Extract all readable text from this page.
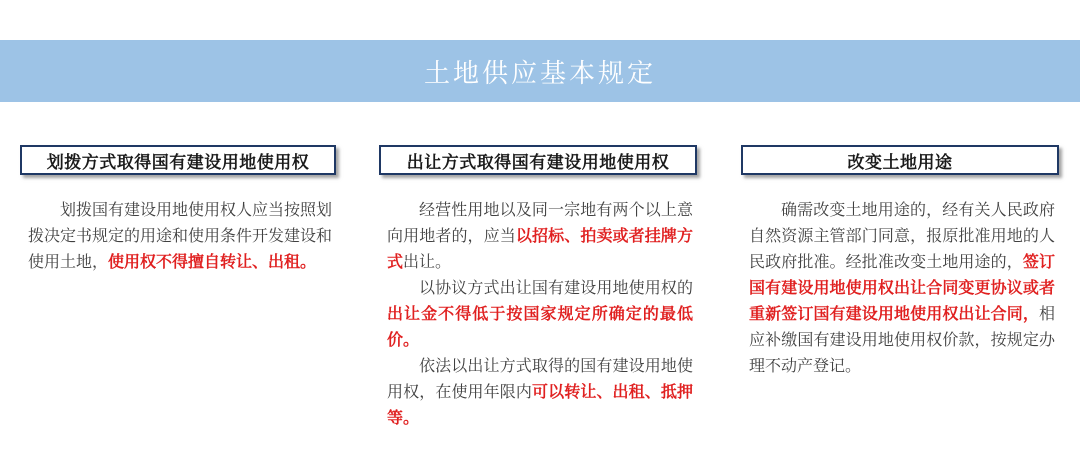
土地供应基本规定
划拨方式取得国有建设用地使用权

划拨国有建设用地使用权人应当按照划拨决定书规定的用途和使用条件开发建设和使用土地，使用权不得擅自转让、出租。

出让方式取得国有建设用地使用权

经营性用地以及同一宗地有两个以上意向用地者的，应当以招标、拍卖或者挂牌方式出让。

以协议方式出让国有建设用地使用权的出让金不得低于按国家规定所确定的最低价。

依法以出让方式取得的国有建设用地使用权，在使用年限内可以转让、出租、抵押等。

改变土地用途

确需改变土地用途的，经有关人民政府自然资源主管部门同意，报原批准用地的人民政府批准。经批准改变土地用途的，签订国有建设用地使用权出让合同变更协议或者重新签订国有建设用地使用权出让合同，相应补缴国有建设用地使用权价款，按规定办理不动产登记。
